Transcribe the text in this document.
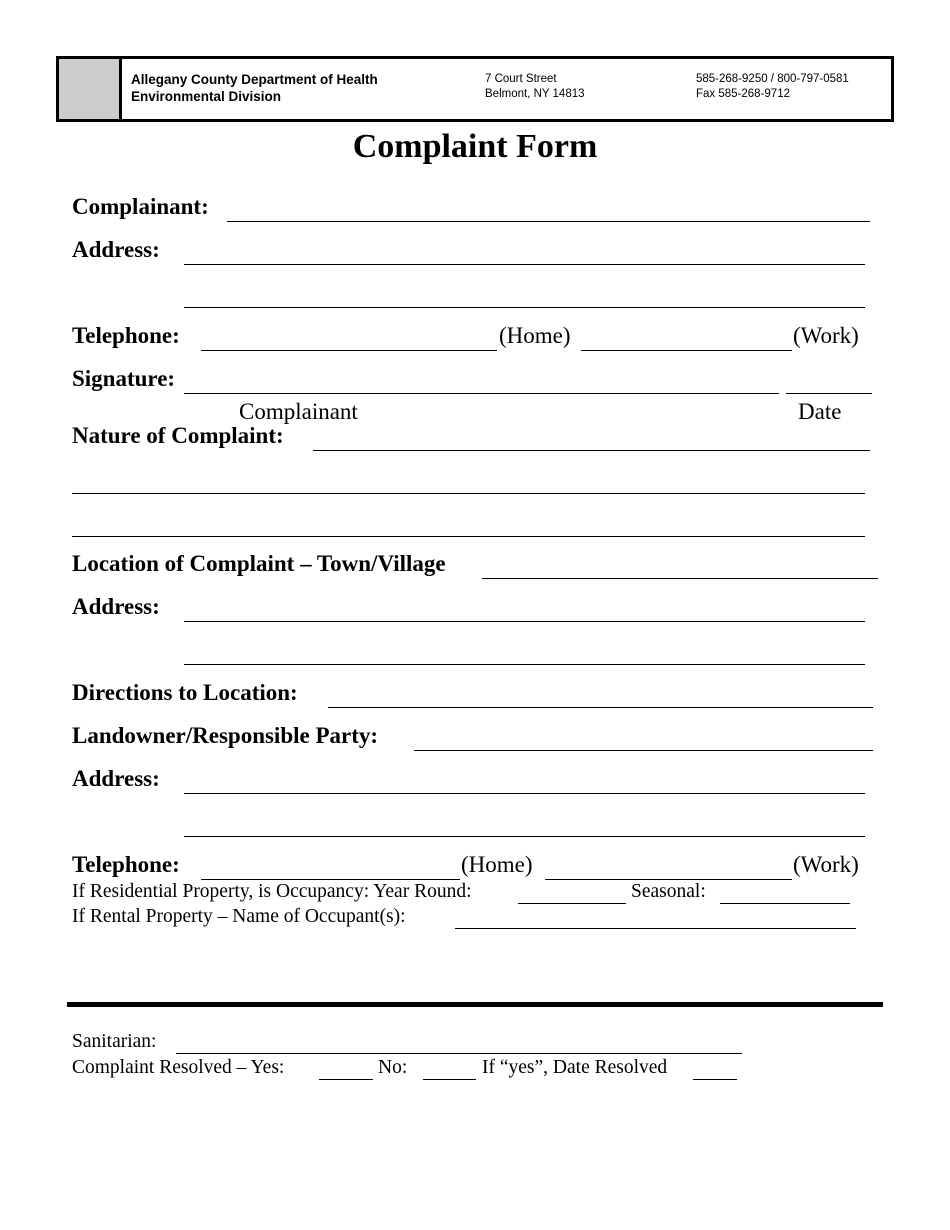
Allegany County Department of Health
Environmental Division
7 Court Street
Belmont, NY 14813
585-268-9250 / 800-797-0581
Fax 585-268-9712
Complaint Form
Complainant:
Address:
Telephone:	(Home)	(Work)
Signature:
Complainant	Date
Nature of Complaint:
Location of Complaint – Town/Village
Address:
Directions to Location:
Landowner/Responsible Party:
Address:
Telephone:	(Home)	(Work)
If Residential Property, is Occupancy: Year Round:	Seasonal:
If Rental Property – Name of Occupant(s):
Sanitarian:
Complaint Resolved – Yes:	No:	If “yes”, Date Resolved
